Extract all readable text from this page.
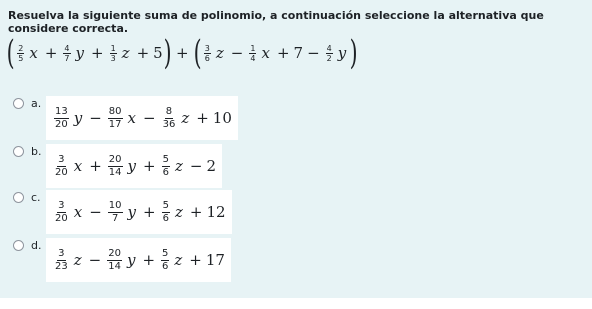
Resuelva la siguiente suma de polinomio, a continuación seleccione la alternativa que considere correcta.
( $\frac{2}{5}$ $x + \frac{4}{7}$ $y + \frac{1}{3}$ z + 5 ) + ( $\frac{3}{6}$ $z - \frac{1}{4}$ $x + 7 - \frac{4}{2}$ y )
a.
$\frac{13}{20}$ $y - \frac{80}{17}$ $x - \frac{8}{36}$ z + 10
b.
$\frac{3}{20}$ $x + \frac{20}{14}$ $y + \frac{5}{6}$ z − 2
c.
$\frac{3}{20}$ $x - \frac{10}{7}$ $y + \frac{5}{6}$ z + 12
d.
$\frac{3}{23}$ $z - \frac{20}{14}$ $y + \frac{5}{6}$ z + 17
